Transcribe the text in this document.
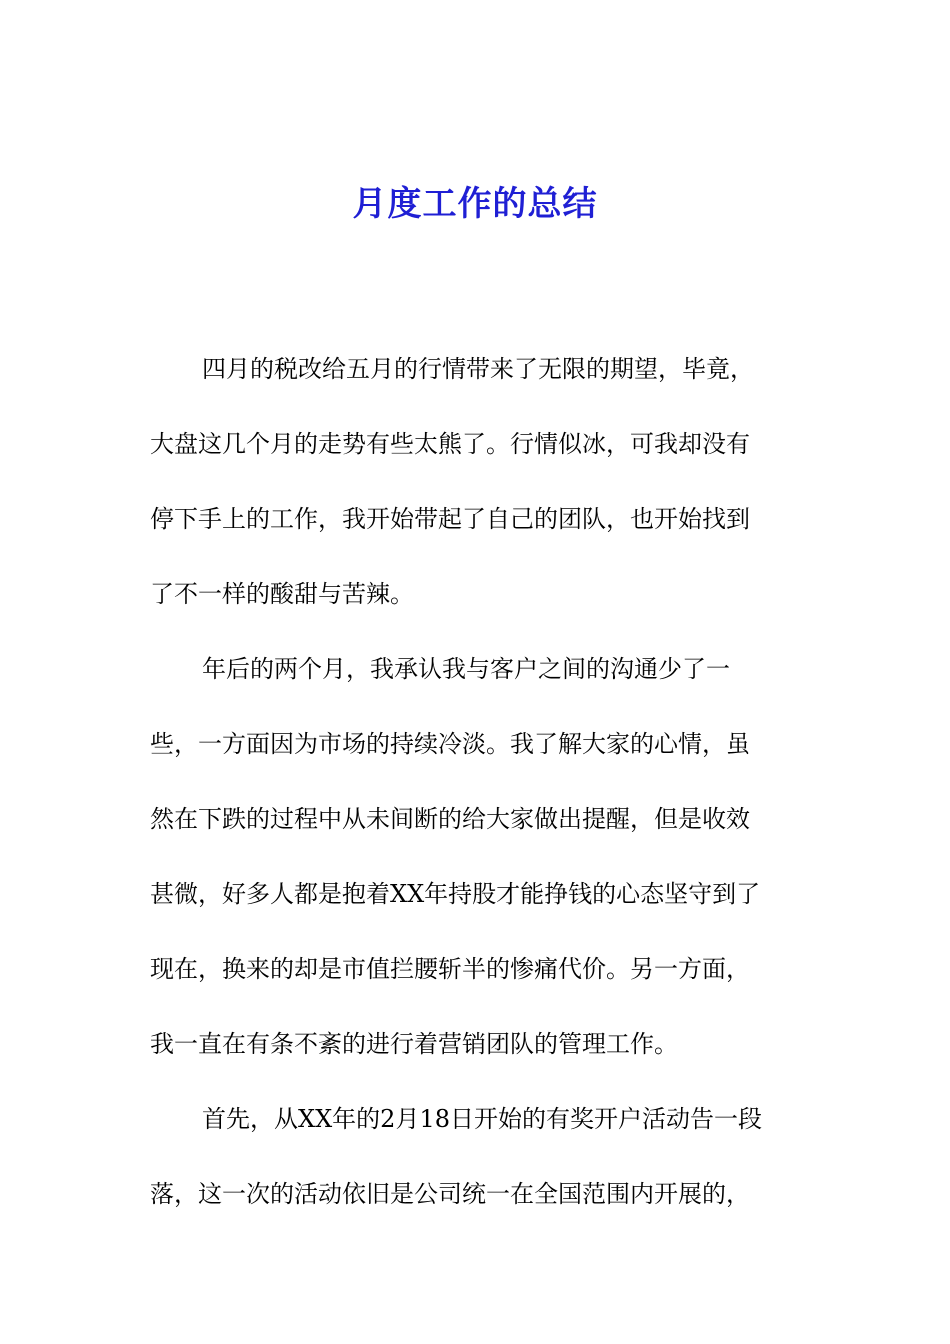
月度工作的总结
四月的税改给五月的行情带来了无限的期望，毕竟，
大盘这几个月的走势有些太熊了。行情似冰，可我却没有
停下手上的工作，我开始带起了自己的团队，也开始找到
了不一样的酸甜与苦辣。
年后的两个月，我承认我与客户之间的沟通少了一
些，一方面因为市场的持续冷淡。我了解大家的心情，虽
然在下跌的过程中从未间断的给大家做出提醒，但是收效
甚微，好多人都是抱着XX年持股才能挣钱的心态坚守到了
现在，换来的却是市值拦腰斩半的惨痛代价。另一方面，
我一直在有条不紊的进行着营销团队的管理工作。
首先，从XX年的2月18日开始的有奖开户活动告一段
落，这一次的活动依旧是公司统一在全国范围内开展的，
